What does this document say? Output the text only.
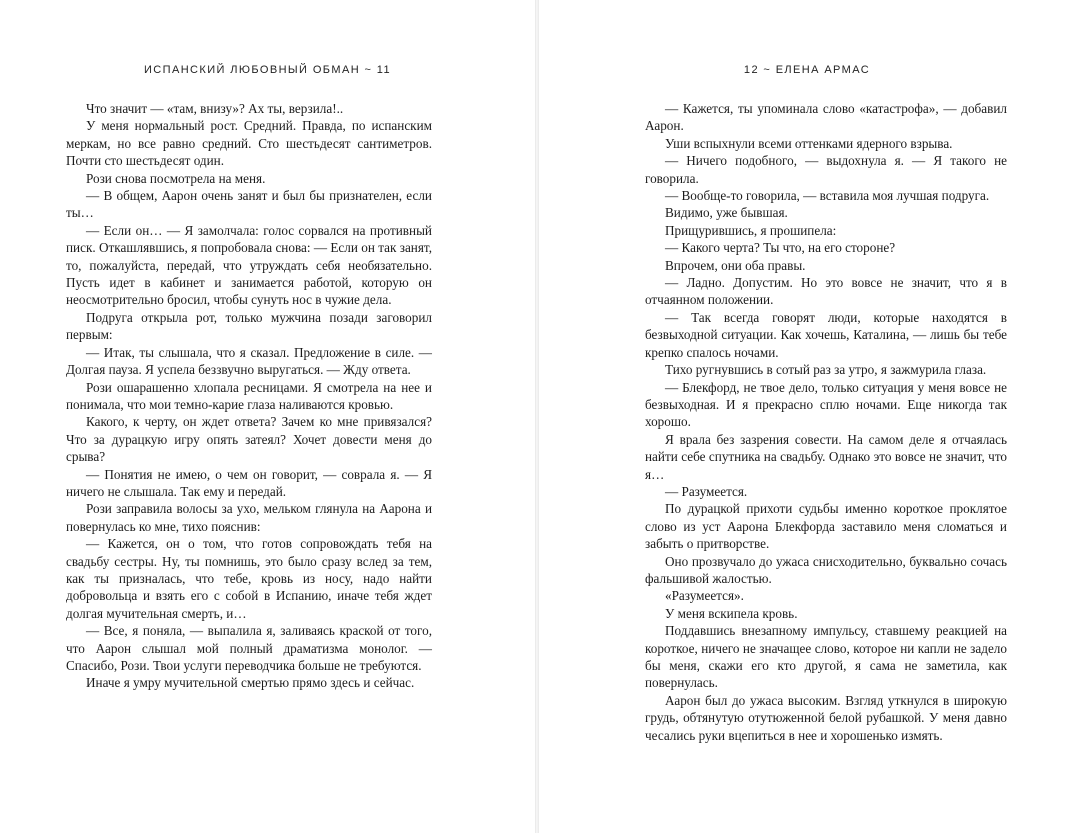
ИСПАНСКИЙ ЛЮБОВНЫЙ ОБМАН ~ 11

Что значит — «там, внизу»? Ах ты, верзила!..

У меня нормальный рост. Средний. Правда, по испанским меркам, но все равно средний. Сто шестьдесят сантиметров. Почти сто шестьдесят один.

Рози снова посмотрела на меня.

— В общем, Аарон очень занят и был бы признателен, если ты…

— Если он… — Я замолчала: голос сорвался на противный писк. Откашлявшись, я попробовала снова: — Если он так занят, то, пожалуйста, передай, что утруждать себя необязательно. Пусть идет в кабинет и занимается работой, которую он неосмотрительно бросил, чтобы сунуть нос в чужие дела.

Подруга открыла рот, только мужчина позади заговорил первым:

— Итак, ты слышала, что я сказал. Предложение в силе. — Долгая пауза. Я успела беззвучно выругаться. — Жду ответа.

Рози ошарашенно хлопала ресницами. Я смотрела на нее и понимала, что мои темно-карие глаза наливаются кровью.

Какого, к черту, он ждет ответа? Зачем ко мне привязался? Что за дурацкую игру опять затеял? Хочет довести меня до срыва?

— Понятия не имею, о чем он говорит, — соврала я. — Я ничего не слышала. Так ему и передай.

Рози заправила волосы за ухо, мельком глянула на Аарона и повернулась ко мне, тихо пояснив:

— Кажется, он о том, что готов сопровождать тебя на свадьбу сестры. Ну, ты помнишь, это было сразу вслед за тем, как ты призналась, что тебе, кровь из носу, надо найти добровольца и взять его с собой в Испанию, иначе тебя ждет долгая мучительная смерть, и…

— Все, я поняла, — выпалила я, заливаясь краской от того, что Аарон слышал мой полный драматизма монолог. — Спасибо, Рози. Твои услуги переводчика больше не требуются.

Иначе я умру мучительной смертью прямо здесь и сейчас.

12 ~ ЕЛЕНА АРМАС

— Кажется, ты упоминала слово «катастрофа», — добавил Аарон.

Уши вспыхнули всеми оттенками ядерного взрыва.

— Ничего подобного, — выдохнула я. — Я такого не говорила.

— Вообще-то говорила, — вставила моя лучшая подруга.

Видимо, уже бывшая.

Прищурившись, я прошипела:

— Какого черта? Ты что, на его стороне?

Впрочем, они оба правы.

— Ладно. Допустим. Но это вовсе не значит, что я в отчаянном положении.

— Так всегда говорят люди, которые находятся в безвыходной ситуации. Как хочешь, Каталина, — лишь бы тебе крепко спалось ночами.

Тихо ругнувшись в сотый раз за утро, я зажмурила глаза.

— Блекфорд, не твое дело, только ситуация у меня вовсе не безвыходная. И я прекрасно сплю ночами. Еще никогда так хорошо.

Я врала без зазрения совести. На самом деле я отчаялась найти себе спутника на свадьбу. Однако это вовсе не значит, что я…

— Разумеется.

По дурацкой прихоти судьбы именно короткое проклятое слово из уст Аарона Блекфорда заставило меня сломаться и забыть о притворстве.

Оно прозвучало до ужаса снисходительно, буквально сочась фальшивой жалостью.

«Разумеется».

У меня вскипела кровь.

Поддавшись внезапному импульсу, ставшему реакцией на короткое, ничего не значащее слово, которое ни капли не задело бы меня, скажи его кто другой, я сама не заметила, как повернулась.

Аарон был до ужаса высоким. Взгляд уткнулся в широкую грудь, обтянутую отутюженной белой рубашкой. У меня давно чесались руки вцепиться в нее и хорошенько измять.
